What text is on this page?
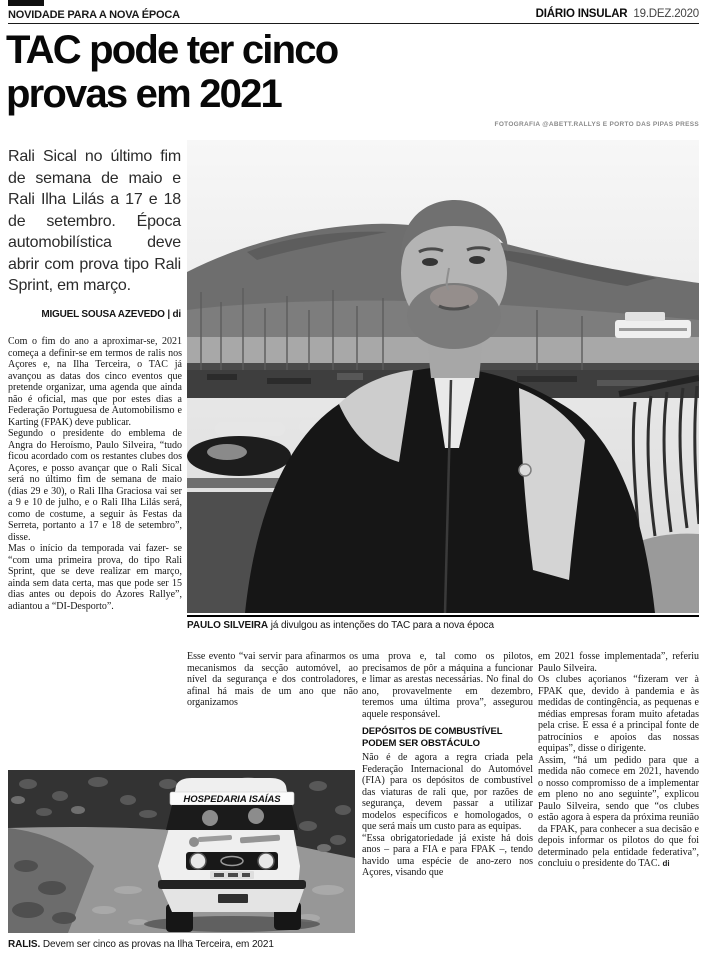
NOVIDADE PARA A NOVA ÉPOCA	DIÁRIO INSULAR 19.DEZ.2020
TAC pode ter cinco
provas em 2021
FOTOGRAFIA @ABETT.RALLYS E PORTO DAS PIPAS PRESS
PAULO SILVEIRA já divulgou as intenções do TAC para a nova época
Rali Sical no último fim de semana de maio e Rali Ilha Lilás a 17 e 18 de setembro. Época automobilística deve abrir com prova tipo Rali Sprint, em março.
MIGUEL SOUSA AZEVEDO | di

Com o fim do ano a aproximar-se, 2021 começa a definir-se em termos de ralis nos Açores e, na Ilha Terceira, o TAC já avançou as datas dos cinco eventos que pretende organizar, uma agenda que ainda não é oficial, mas que por estes dias a Federação Portuguesa de Automobilismo e Karting (FPAK) deve publicar.

Segundo o presidente do emblema de Angra do Heroísmo, Paulo Silveira, “tudo ficou acordado com os restantes clubes dos Açores, e posso avançar que o Rali Sical será no último fim de semana de maio (dias 29 e 30), o Rali Ilha Graciosa vai ser a 9 e 10 de julho, e o Rali Ilha Lilás será, como de costume, a seguir às Festas da Serreta, portanto a 17 e 18 de setembro”, disse.

Mas o início da temporada vai fazer- se “com uma primeira prova, do tipo Rali Sprint, que se deve realizar em março, ainda sem data certa, mas que pode ser 15 dias antes ou depois do Azores Rallye”, adiantou a “DI-Desporto”.

Esse evento “vai servir para afinarmos os mecanismos da secção automóvel, ao nível da segurança e dos controladores, afinal há mais de um ano que não organizamos

uma prova e, tal como os pilotos, precisamos de pôr a máquina a funcionar e limar as arestas necessárias. No final do ano, provavelmente em dezembro, teremos uma última prova”, assegurou aquele responsável.

DEPÓSITOS DE COMBUSTÍVEL PODEM SER OBSTÁCULO

Não é de agora a regra criada pela Federação Internacional do Automóvel (FIA) para os depósitos de combustível das viaturas de rali que, por razões de segurança, devem passar a utilizar modelos específicos e homologados, o que será mais um custo para as equipas.

“Essa obrigatoriedade já existe há dois anos – para a FIA e para FPAK –, tendo havido uma espécie de ano-zero nos Açores, visando que

em 2021 fosse implementada”, referiu Paulo Silveira.

Os clubes açorianos “fizeram ver à FPAK que, devido à pandemia e às medidas de contingência, as pequenas e médias empresas foram muito afetadas pela crise. E essa é a principal fonte de patrocínios e apoios das nossas equipas”, disse o dirigente.

Assim, “há um pedido para que a medida não comece em 2021, havendo o nosso compromisso de a implementar em pleno no ano seguinte”, explicou Paulo Silveira, sendo que “os clubes estão agora à espera da próxima reunião da FPAK, para conhecer a sua decisão e depois informar os pilotos do que foi determinado pela entidade federativa”, concluiu o presidente do TAC. di

HOSPEDARIA ISAÍAS
RALIS. Devem ser cinco as provas na Ilha Terceira, em 2021
